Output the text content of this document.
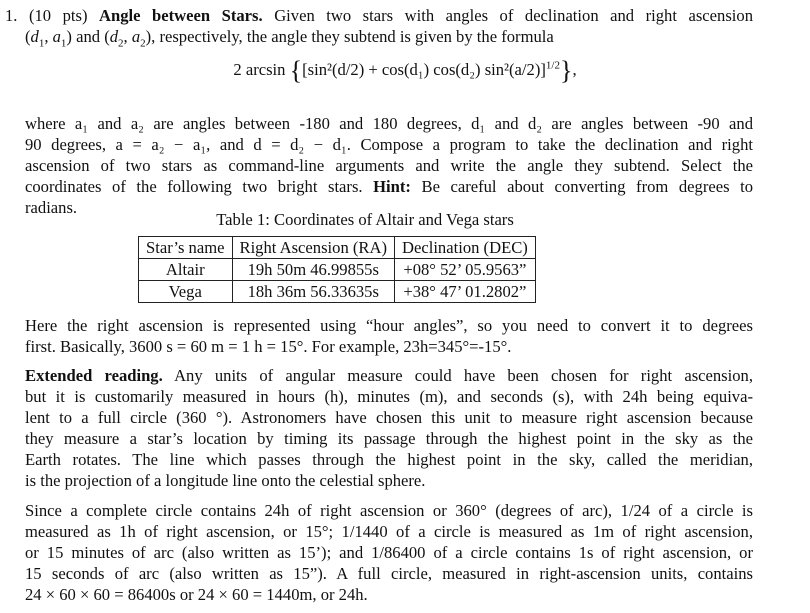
1. (10 pts) Angle between Stars. Given two stars with angles of declination and right ascension
($d_1$, $a_1$) and ($d_2$, $a_2$), respectively, the angle they subtend is given by the formula
2 arcsin {[sin²(d/2) + cos(d₁) cos(d₂) sin²(a/2)]$^{1/2}$},
where a₁ and a₂ are angles between -180 and 180 degrees, d₁ and d₂ are angles between -90 and
90 degrees, a = a₂ − a₁, and d = d₂ − d₁. Compose a program to take the declination and right
ascension of two stars as command-line arguments and write the angle they subtend. Select the
coordinates of the following two bright stars. Hint: Be careful about converting from degrees to
radians.
Table 1: Coordinates of Altair and Vega stars
Star’s name	Right Ascension (RA)	Declination (DEC)
Altair	19h 50m 46.99855s	+08° 52’ 05.9563”
Vega	18h 36m 56.33635s	+38° 47’ 01.2802”
Here the right ascension is represented using “hour angles”, so you need to convert it to degrees
first. Basically, 3600 s = 60 m = 1 h = 15°. For example, 23h=345°=-15°.
Extended reading. Any units of angular measure could have been chosen for right ascension,
but it is customarily measured in hours (h), minutes (m), and seconds (s), with 24h being equiva-
lent to a full circle (360 °). Astronomers have chosen this unit to measure right ascension because
they measure a star’s location by timing its passage through the highest point in the sky as the
Earth rotates. The line which passes through the highest point in the sky, called the meridian,
is the projection of a longitude line onto the celestial sphere.
Since a complete circle contains 24h of right ascension or 360° (degrees of arc), 1/24 of a circle is
measured as 1h of right ascension, or 15°; 1/1440 of a circle is measured as 1m of right ascension,
or 15 minutes of arc (also written as 15’); and 1/86400 of a circle contains 1s of right ascension, or
15 seconds of arc (also written as 15”). A full circle, measured in right-ascension units, contains
24 × 60 × 60 = 86400s or 24 × 60 = 1440m, or 24h.
